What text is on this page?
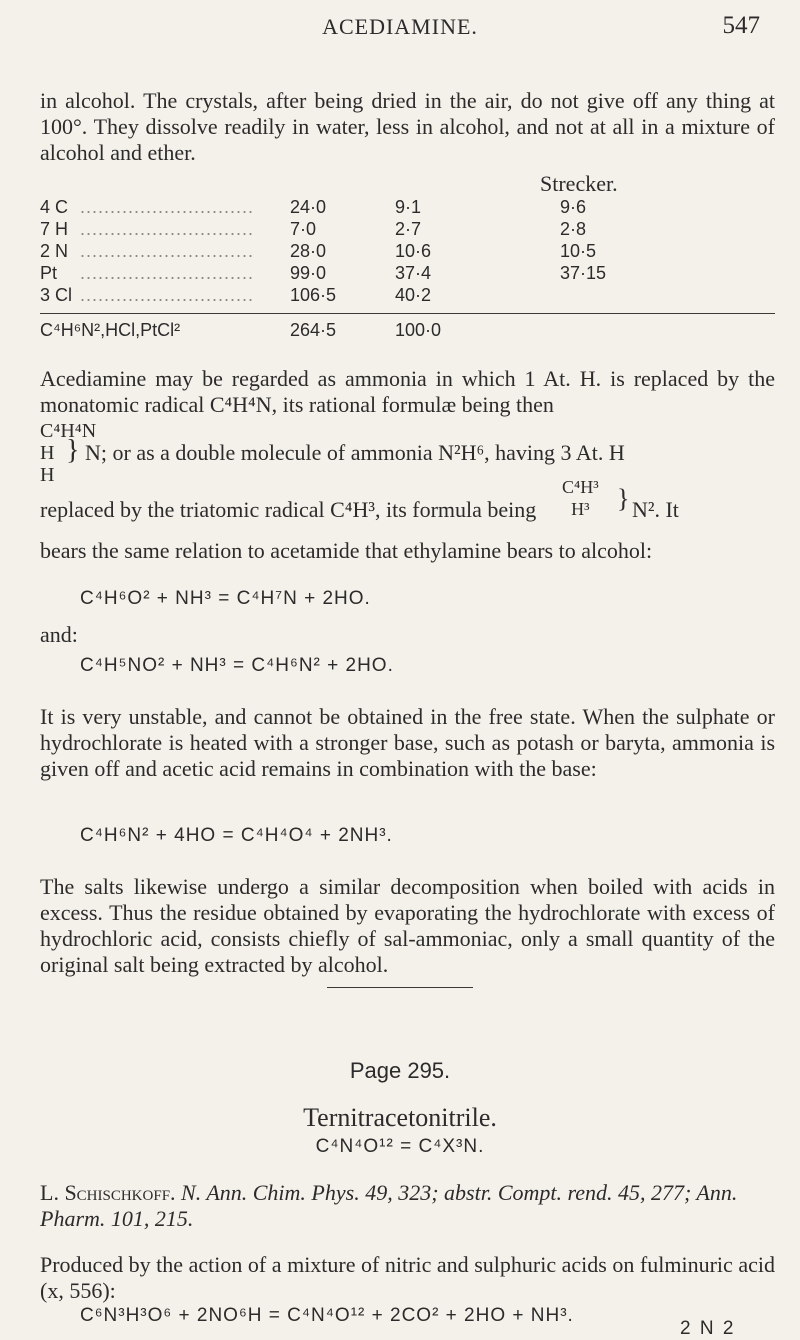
ACEDIAMINE.	547
in alcohol. The crystals, after being dried in the air, do not give off any thing at 100°. They dissolve readily in water, less in alcohol, and not at all in a mixture of alcohol and ether.
Strecker.
4 C ............................. 24·0	9·1	9·6
7 H ............................. 7·0	2·7	2·8
2 N ............................. 28·0	10·6	10·5
Pt ............................. 99·0	37·4	37·15
3 Cl ............................. 106·5	40·2
C⁴H⁶N²,HCl,PtCl²	264·5	100·0
Acediamine may be regarded as ammonia in which 1 At. H. is replaced by the monatomic radical C⁴H⁴N, its rational formulæ being then
C⁴H⁴N
H
H
} N; or as a double molecule of ammonia N²H⁶, having 3 At. H
replaced by the triatomic radical C⁴H³, its formula being
C⁴H³
H³	} N². It
bears the same relation to acetamide that ethylamine bears to alcohol:
C⁴H⁶O² + NH³ = C⁴H⁷N + 2HO.
and:
C⁴H⁵NO² + NH³ = C⁴H⁶N² + 2HO.
It is very unstable, and cannot be obtained in the free state. When the sulphate or hydrochlorate is heated with a stronger base, such as potash or baryta, ammonia is given off and acetic acid remains in combination with the base:
C⁴H⁶N² + 4HO = C⁴H⁴O⁴ + 2NH³.
The salts likewise undergo a similar decomposition when boiled with acids in excess. Thus the residue obtained by evaporating the hydrochlorate with excess of hydrochloric acid, consists chiefly of sal-ammoniac, only a small quantity of the original salt being extracted by alcohol.
Page 295.
Ternitracetonitrile.
C⁴N⁴O¹² = C⁴X³N.
L. Schischkoff. N. Ann. Chim. Phys. 49, 323; abstr. Compt. rend. 45, 277; Ann. Pharm. 101, 215.
Produced by the action of a mixture of nitric and sulphuric acids on fulminuric acid (x, 556):
C⁶N³H³O⁶ + 2NO⁶H = C⁴N⁴O¹² + 2CO² + 2HO + NH³.
2 N 2
